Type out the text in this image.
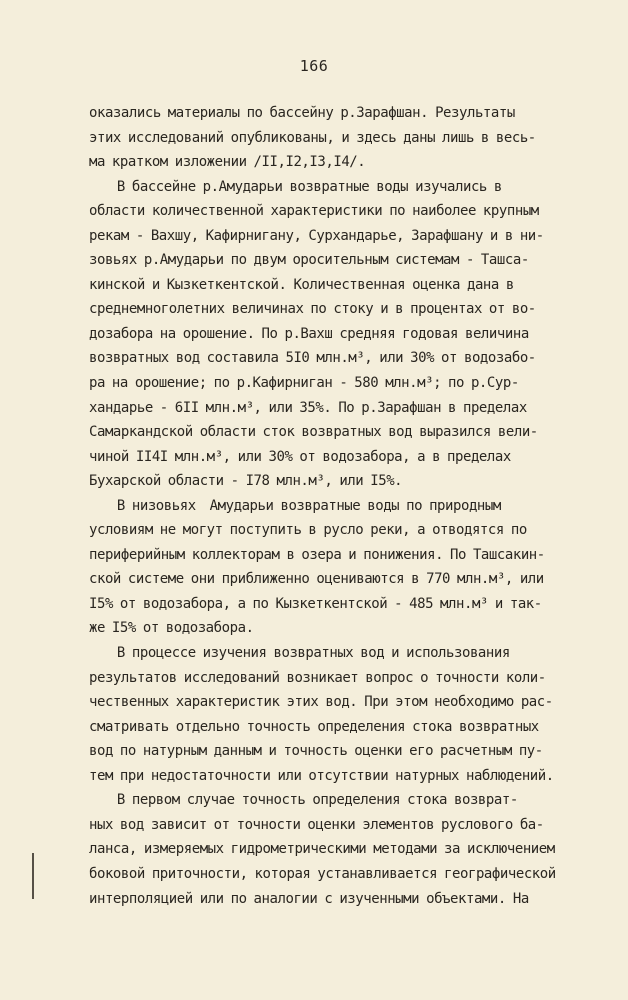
166
оказались материалы по бассейну р.Зарафшан. Результаты
этих исследований опубликованы, и здесь даны лишь в весь-
ма кратком изложении /II,I2,I3,I4/.
В бассейне р.Амударьи возвратные воды изучались в
области количественной характеристики по наиболее крупным
рекам - Вахшу, Кафирнигану, Сурхандарье, Зарафшану и в ни-
зовьях р.Амударьи по двум оросительным системам - Ташса-
кинской и Кызкеткентской. Количественная оценка дана в
среднемноголетних величинах по стоку и в процентах от во-
дозабора на орошение. По р.Вахш средняя годовая величина
возвратных вод составила 5I0 млн.м³, или 30% от водозабо-
ра на орошение; по р.Кафирниган - 580 млн.м³; по р.Сур-
хандарье - 6II млн.м³, или 35%. По р.Зарафшан в пределах
Самаркандской области сток возвратных вод выразился вели-
чиной II4I млн.м³, или 30% от водозабора, а в пределах
Бухарской области - I78 млн.м³, или I5%.
В низовьях  Амударьи возвратные воды по природным
условиям не могут поступить в русло реки, а отводятся по
периферийным коллекторам в озера и понижения. По Ташсакин-
ской системе они приближенно оцениваются в 770 млн.м³, или
I5% от водозабора, а по Кызкеткентской - 485 млн.м³ и так-
же I5% от водозабора.
В процессе изучения возвратных вод и использования
результатов исследований возникает вопрос о точности коли-
чественных характеристик этих вод. При этом необходимо рас-
сматривать отдельно точность определения стока возвратных
вод по натурным данным и точность оценки его расчетным пу-
тем при недостаточности или отсутствии натурных наблюдений.
В первом случае точность определения стока возврат-
ных вод зависит от точности оценки элементов руслового ба-
ланса, измеряемых гидрометрическими методами за исключением
боковой приточности, которая устанавливается географической
интерполяцией или по аналогии с изученными объектами. На
